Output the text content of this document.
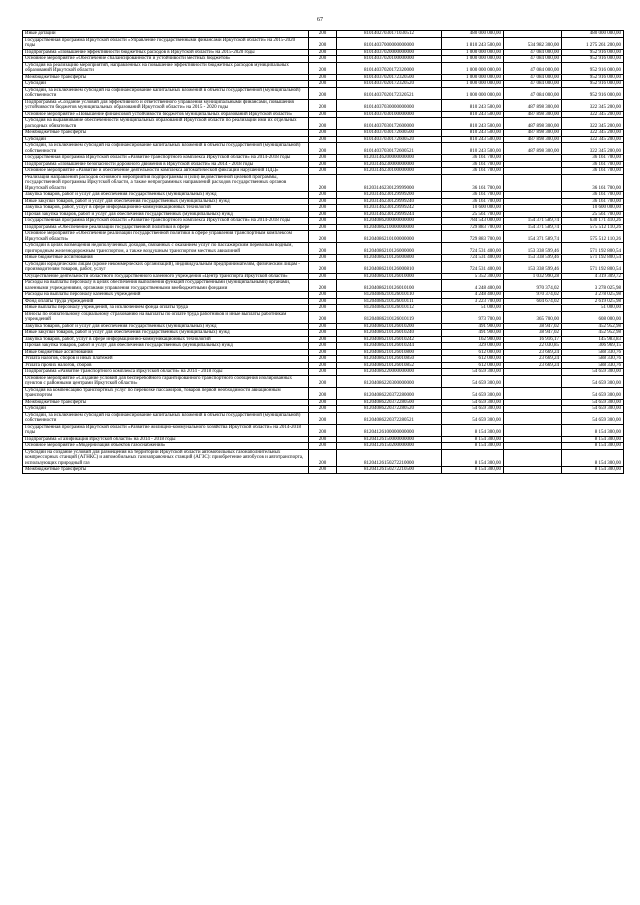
67
Иные дотации	200	81014027030171030512	480 000 000,00		480 000 000,00
Государственная программа Иркутской области «Управление государственными финансами Иркутской области» на 2015-2020 годы	200	81014037000000000000	1 810 243 500,00	534 982 300,00	1 275 261 200,00
Подпрограмма «Повышение эффективности бюджетных расходов в Иркутской области» на 2015-2020 годы	200	81014037020000000000	1 000 000 000,00	47 084 000,00	952 916 000,00
Основное мероприятие «Обеспечение сбалансированности и устойчивости местных бюджетов»	200	81014037020100000000	1 000 000 000,00	47 084 000,00	952 916 000,00
Субсидия на реализацию мероприятий, направленных на повышение эффективности бюджетных расходов муниципальных образований Иркутской области	200	81014037020172320000	1 000 000 000,00	47 084 000,00	952 916 000,00
Межбюджетные трансферты	200	81014037020172320500	1 000 000 000,00	47 084 000,00	952 916 000,00
Субсидии	200	81014037020172320520	1 000 000 000,00	47 084 000,00	952 916 000,00
Субсидии, за исключением субсидий на софинансирование капитальных вложений в объекты государственной (муниципальной) собственности	200	81014037020172320521	1 000 000 000,00	47 084 000,00	952 916 000,00
Подпрограмма «Создание условий для эффективного и ответственного управления муниципальными финансами, повышения устойчивости бюджетов муниципальных образований Иркутской области» на 2015 - 2020 годы	200	81014037030000000000	810 243 500,00	487 898 300,00	322 345 200,00
Основное мероприятие «Повышение финансовой устойчивости бюджетов муниципальных образований Иркутской области»	200	81014037030100000000	810 243 500,00	487 898 300,00	322 345 200,00
Субсидия на выравнивание обеспеченности муниципальных образований Иркутской области по реализации ими их отдельных расходных обязательств	200	81014037030172600000	810 243 500,00	487 898 300,00	322 345 200,00
Межбюджетные трансферты	200	81014037030172600500	810 243 500,00	487 898 300,00	322 345 200,00
Субсидии	200	81014037030172600520	810 243 500,00	487 898 300,00	322 345 200,00
Субсидии, за исключением субсидий на софинансирование капитальных вложений в объекты государственной (муниципальной) собственности	200	81014037030172600521	810 243 500,00	487 898 300,00	322 345 200,00
Государственная программа Иркутской области «Развитие транспортного комплекса Иркутской области» на 2014-2018 годы	200	81203146200000000000	36 161 700,00		36 161 700,00
Подпрограмма «Повышение безопасности дорожного движения в Иркутской области» на 2014 - 2018 годы	200	81203146230000000000	36 161 700,00		36 161 700,00
Основное мероприятие «Развитие и обеспечение деятельности комплекса автоматической фиксации нарушений ПДД»	200	81203146230100000000	36 161 700,00		36 161 700,00
Реализация направлений расходов основного мероприятия подпрограммы и (или) ведомственной целевой программы, государственной программы Иркутской области, а также непрограммных направлений расходов государственных органов Иркутской области	200	81203146230129999000	36 161 700,00		36 161 700,00
Закупка товаров, работ и услуг для обеспечения государственных (муниципальных) нужд	200	81203146230129999200	36 161 700,00		36 161 700,00
Иные закупки товаров, работ и услуг для обеспечения государственных (муниципальных) нужд	200	81203146230129999240	36 161 700,00		36 161 700,00
Закупка товаров, работ, услуг в сфере информационно-коммуникационных технологий	200	81203146230129999242	10 600 000,00		10 600 000,00
Прочая закупка товаров, работ и услуг для обеспечения государственных (муниципальных) нужд	200	81203146230129999244	25 561 700,00		25 561 700,00
Государственная программа Иркутской области «Развитие транспортного комплекса Иркутской области» на 2014-2018 годы	200	81204086200000000000	784 543 000,00	154 371 589,74	630 171 410,26
Подпрограмма «Обеспечение реализации государственной политики в сфере	200	81204086210000000000	729 883 700,00	154 371 589,74	575 512 110,26
Основное мероприятие «Обеспечение реализации государственной политики в сфере управления транспортным комплексом Иркутской области»	200	81204086210100000000	729 883 700,00	154 371 589,74	575 512 110,26
Субсидии в целях возмещения недополученных доходов, связанных с оказанием услуг по пассажирским перевозкам водным, пригородным железнодорожным транспортом, а также воздушным транспортом местных авиалиний	200	81204086210126000000	724 531 400,00	153 338 599,46	571 192 800,54
Иные бюджетные ассигнования	200	81204086210126000800	724 531 400,00	153 338 599,46	571 192 800,54
Субсидии юридическим лицам (кроме некоммерческих организаций), индивидуальным предпринимателям, физическим лицам - производителям товаров, работ, услуг	200	81204086210126000810	724 531 400,00	153 338 599,46	571 192 800,54
Осуществление деятельности областного государственного казенного учреждения «Центр транспорта Иркутской области»	200	81204086210126010000	5 352 300,00	1 032 990,28	4 319 309,72
Расходы на выплаты персоналу в целях обеспечения выполнения функций государственными (муниципальными) органами, казенными учреждениями, органами управления государственными внебюджетными фондами	200	81204086210126010100	4 248 400,00	970 374,02	3 278 025,98
Расходы на выплаты персоналу казенных учреждений	200	81204086210126010110	4 248 400,00	970 374,02	3 278 025,98
Фонд оплаты труда учреждений	200	81204086210126010111	3 223 700,00	604 674,02	2 619 025,98
Иные выплаты персоналу учреждений, за исключением фонда оплаты труда	200	81204086210126010112	51 000,00		51 000,00
Взносы по обязательному социальному страхованию на выплаты по оплате труда работников и иные выплаты работникам учреждений	200	81204086210126010119	973 700,00	365 700,00	608 000,00
Закупка товаров, работ и услуг для обеспечения государственных (муниципальных) нужд	200	81204086210126010200	491 900,00	38 947,02	452 952,98
Иные закупки товаров, работ и услуг для обеспечения государственных (муниципальных) нужд	200	81204086210126010240	491 900,00	38 947,02	452 952,98
Закупка товаров, работ, услуг в сфере информационно-коммуникационных технологий	200	81204086210126010242	162 900,00	16 916,17	145 983,83
Прочая закупка товаров, работ и услуг для обеспечения государственных (муниципальных) нужд	200	81204086210126010244	329 000,00	22 030,85	306 969,15
Иные бюджетные ассигнования	200	81204086210126010800	612 000,00	23 669,24	588 330,76
Уплата налогов, сборов и иных платежей	200	81204086210126010850	612 000,00	23 669,24	588 330,76
Уплата прочих налогов, сборов	200	81204086210126010852	612 000,00	23 669,24	588 330,76
Подпрограмма «Развитие транспортного комплекса Иркутской области» на 2014 - 2018 годы	200	81204086220000000000	54 659 300,00		54 659 300,00
Основное мероприятие «Создание условий для бесперебойного гарантированного транспортного сообщения изолированных пунктов с районными центрами Иркутской области»	200	81204086220300000000	54 659 300,00		54 659 300,00
Субсидия на компенсацию транспортных услуг по перевозке пассажиров, товаров первой необходимости авиационным транспортом	200	81204086220372280000	54 659 300,00		54 659 300,00
Межбюджетные трансферты	200	81204086220372280500	54 659 300,00		54 659 300,00
Субсидии	200	81204086220372280520	54 659 300,00		54 659 300,00
Субсидии, за исключением субсидий на софинансирование капитальных вложений в объекты государственной (муниципальной) собственности	200	81204086220372280521	54 659 300,00		54 659 300,00
Государственная программа Иркутской области «Развитие жилищно-коммунального хозяйства Иркутской области» на 2014-2018 годы	200	81204126100000000000	8 154 300,00		8 154 300,00
Подпрограмма «Газификация Иркутской области» на 2014 - 2018 годы	200	81204126150000000000	8 154 300,00		8 154 300,00
Основное мероприятие «Модернизация объектов газоснабжения»	200	81204126150200000000	8 154 300,00		8 154 300,00
Субсидии на создание условий для размещения на территории Иркутской области автомобильных газонаполнительных компрессорных станций (АГНКС) и автомобильных газозаправочных станций (АГЗС): приобретение автобусов и автотранспорта, использующих природный газ	200	81204126150272210000	8 154 300,00		8 154 300,00
Межбюджетные трансферты	200	81204126150272210500	8 154 300,00		8 154 300,00
